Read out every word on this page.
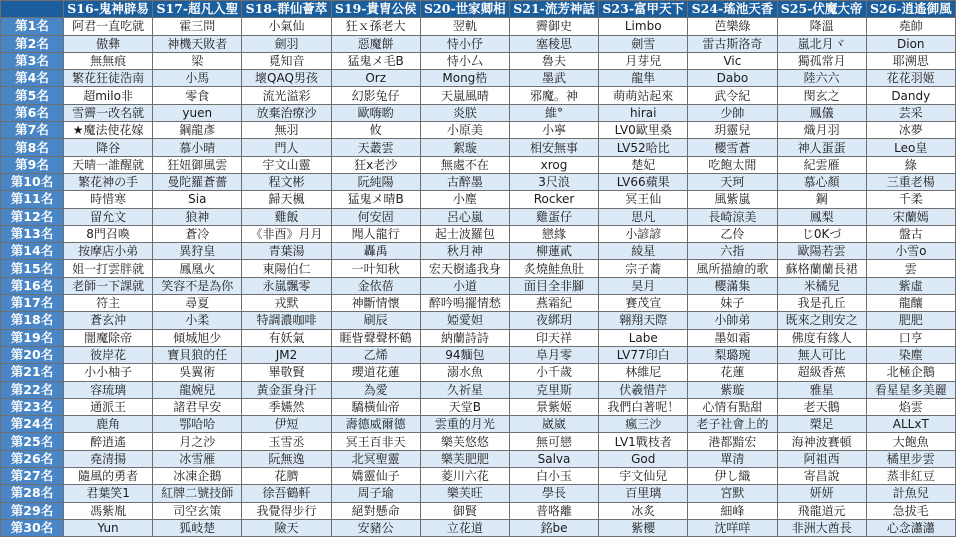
	S16-鬼神辟易	S17-超凡入聖	S18-群仙薈萃	S19-貴胄公侯	S20-世家卿相	S21-流芳神話	S23-富甲天下	S24-瑤池天香	S25-伏魔大帝	S26-逍遙御風
第1名	阿君一直吃就	霍三問	小氣仙	狂ｘ孫老大	翌軌	霽御史	Limbo	芭樂綠	降溫	堯帥
第2名	傲彝	神機天敗者	劍羽	惡魔餅	恃小伃	塞稜思	劍雪	雷古斯洛奇	嵐北月ヾ	Dion
第3名	無無痕	梁	覓知音	猛鬼メ毛B	恃小厶	魯夫	月芽兒	Vic	獨孤常月	耶溯思
第4名	繁花狂徒浩南	小馬	壞QAQ男孩	Orz	Mong梏	墨武	龍隼	Dabo	陸六六	花花羽姬
第5名	超milo非	零食	流光溢彩	幻影兔仔	天嵐風晴	邪魔。神	萌萌站起來	武令紀	閔玄之	Dandy
第6名	雪霽一改名就	yuen	放棄治療沙	歐嗨喲	炎朕	維°	hirai	少帥	鳳儀	芸采
第7名	★魔法使花嫁	鋼龍彥	無羽	攸	小原美	小寧	LV0歐里桑	玥靈兒	熾月羽	冰夢
第8名	降谷	慕小晴	門人	天叢雲	絮璇	相安無事	LV52哈比	櫻雪蒼	神人蛋蛋	Leo皇
第9名	天晴一誰醒就	狂妞御風雲	宇文山靈	狂x老沙	無處不在	xrog	楚妃	吃飽太閒	紀雲雁	綠
第10名	繁花神の手	曼陀羅蒼薔	程文彬	阮純陽	古醉墨	3尺浪	LV66蘋果	天珂	慕心顏	三重老楊
第11名	時惜寒	Sia	歸天楓	猛鬼メ晴B	小塵	Rocker	冥王仙	風紫嵐	鋼	千柔
第12名	留允文	狼神	雞飯	何安固	呂心嵐	雞蛋仔	思凡	長崎涼美	鳳梨	宋蘭嫣
第13名	8門召喚	蒼冷	《非酉》月月	聞人龍行	起士波羅包	戀緣	小諺諺	乙伶	じ0Kづ	盤古
第14名	按摩店小弟	異狩皇	青葉湯	轟禹	秋月神	柳蓮貳	綾星	六指	歐陽若雲	小雪o
第15名	姐一打雲胖就	鳳凰火	東陽伯仁	一叶知秋	宏天樹遙我身	炙燒鮭魚肚	宗子蕎	風所描繪的歌	蘇格蘭蘭長裙	雲
第16名	老師一下課就	笑容不是為你	永嵐飄零	金依蓓	小道	面目全非腳	昊月	櫻滿集	米橘兒	紫虛
第17名	符主	尋夏	戎默	神斷情懷	醉吟嗚擺情愁	燕霜紀	賽茂宣	妹子	我是孔丘	龍釀
第18名	蒼玄沖	小柔	特調濃咖啡	刷辰	婭愛妲	夜綁玥	翱翔天際	小帥弟	既來之則安之	肥肥
第19名	闇魔除帝	傾城旭少	有妖氣	睚眥聲聲杯鶴	納蘭詩詩	印天祥	Labe	墨如霜	佛度有緣人	口亨
第20名	彼岸花	寶貝狼的任	JM2	乙烯	94麵包	阜月零	LV77印白	梨璐琬	無人可比	染塵
第21名	小小柚子	吳翼術	畢敬賢	瓔道花蓮	溺水魚	小千歲	林維尼	花蓮	超級香蕉	北極企鵝
第22名	容琉璃	龍婉兒	黃金蛋身汗	為愛	久祈星	克里斯	伏羲惜芹	紫璇	雅星	看星星多美麗
第23名	通派王	諸君早安	季嬿然	驕橫仙帝	天堂B	景紫姬	我們白著呢！	心情有點甜	老天鵝	焰雲
第24名	鹿角	鄂哈哈	伊短	壽德威爾德	雲重的月光	崴崴	瘋三沙	老子社會上的	槊足	ALLxT
第25名	醉逍遙	月之沙	玉雪丞	冥王百非天	樂芙悠悠	無可戀	LV1戰枝者	港都黯宏	海神波賽頓	大飽魚
第26名	堯清揚	冰雪雁	阮無逸	北冥聖靈	樂芙肥肥	Salva	God	單清	阿祖西	橘里步雲
第27名	隨風的勇者	冰凍企鵝	花臍	嬌靈仙子	菱川六花	白小玉	宇文仙兒	伊し織	寄昌說	蒸非紅豆
第28名	君葉笑1	紅牌二號技師	徐吾鶴軒	周子瑜	樂芙旺	學長	百里璃	宮默	妍妍	計魚兒
第29名	馮紫胤	司空玄策	我覺得步行	絕對懸命	御賢	普咯離	冰炙	細峰	飛龍道元	急拔毛
第30名	Yun	狐岐楚	險天	安豬公	立花道	銘be	紫櫻	沈咩咩	非洲大酋長	心念瀟瀟
